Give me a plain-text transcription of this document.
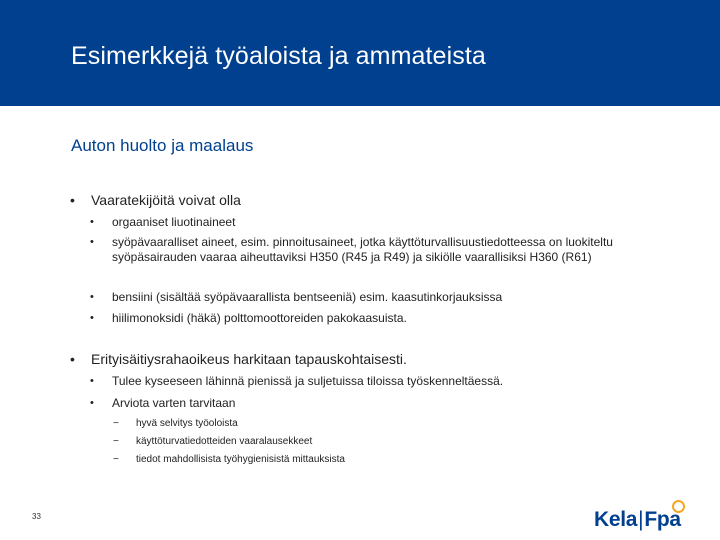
Esimerkkejä työaloista ja ammateista
Auton huolto ja maalaus
• Vaaratekijöitä voivat olla
• orgaaniset liuotinaineet
• syöpävaaralliset aineet, esim. pinnoitusaineet, jotka käyttöturvallisuustiedotteessa on luokiteltu syöpäsairauden vaaraa aiheuttaviksi H350 (R45 ja R49) ja sikiölle vaarallisiksi H360 (R61)
• bensiini (sisältää syöpävaarallista bentseeniä) esim. kaasutinkorjauksissa
• hiilimonoksidi (häkä) polttomoottoreiden pakokaasuista.
• Erityisäitiysrahaoikeus harkitaan tapauskohtaisesti.
• Tulee kyseeseen lähinnä pienissä ja suljetuissa tiloissa työskenneltäessä.
• Arviota varten tarvitaan
− hyvä selvitys työoloista
− käyttöturvatiedotteiden vaaralausekkeet
− tiedot mahdollisista työhygienisistä mittauksista
33	Kela|Fpa
